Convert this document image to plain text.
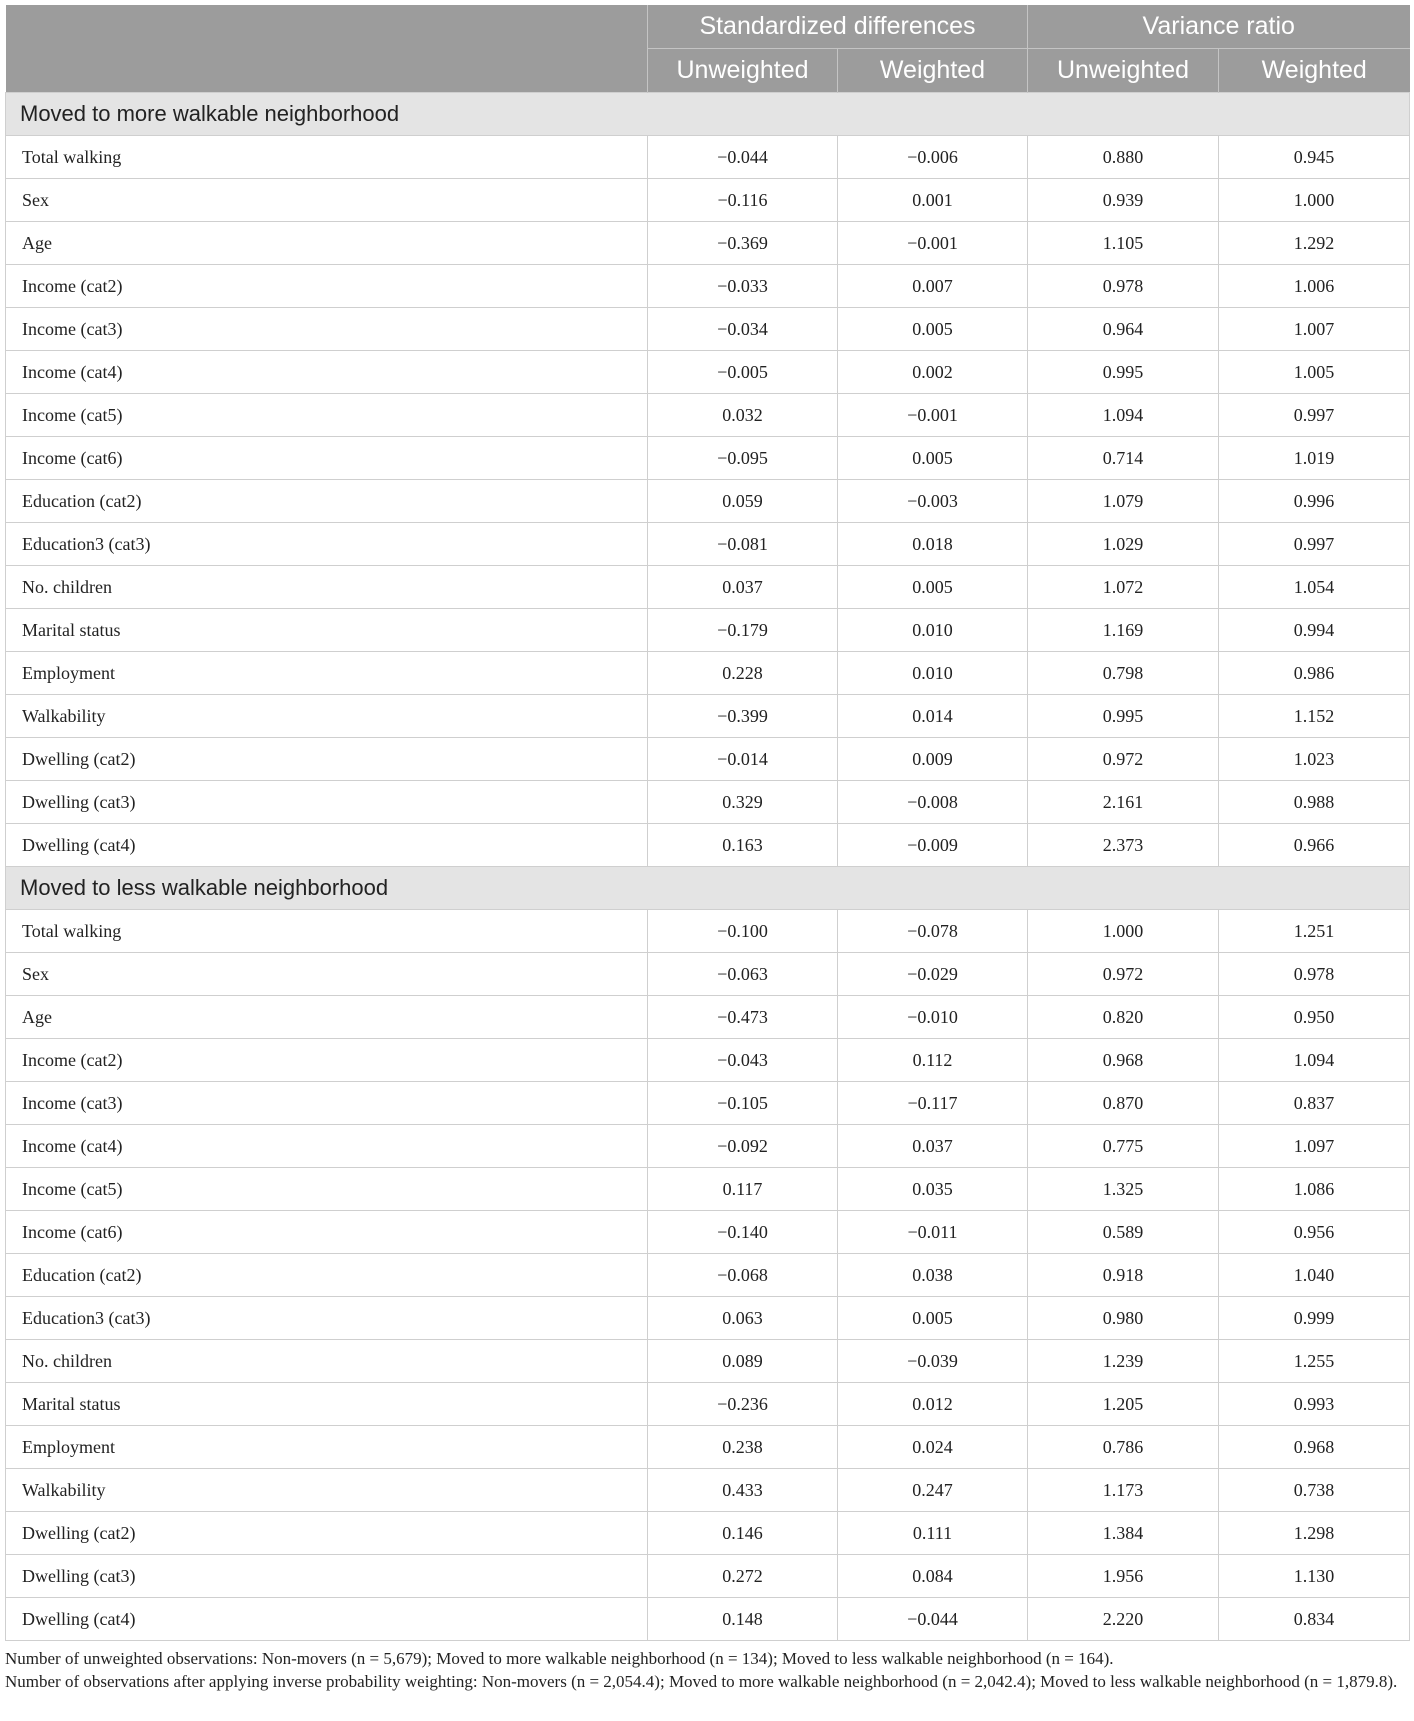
	Standardized differences		Variance ratio	
	Unweighted	Weighted	Unweighted	Weighted
Moved to more walkable neighborhood				
Total walking	−0.044	−0.006	0.880	0.945
Sex	−0.116	0.001	0.939	1.000
Age	−0.369	−0.001	1.105	1.292
Income (cat2)	−0.033	0.007	0.978	1.006
Income (cat3)	−0.034	0.005	0.964	1.007
Income (cat4)	−0.005	0.002	0.995	1.005
Income (cat5)	0.032	−0.001	1.094	0.997
Income (cat6)	−0.095	0.005	0.714	1.019
Education (cat2)	0.059	−0.003	1.079	0.996
Education3 (cat3)	−0.081	0.018	1.029	0.997
No. children	0.037	0.005	1.072	1.054
Marital status	−0.179	0.010	1.169	0.994
Employment	0.228	0.010	0.798	0.986
Walkability	−0.399	0.014	0.995	1.152
Dwelling (cat2)	−0.014	0.009	0.972	1.023
Dwelling (cat3)	0.329	−0.008	2.161	0.988
Dwelling (cat4)	0.163	−0.009	2.373	0.966
Moved to less walkable neighborhood				
Total walking	−0.100	−0.078	1.000	1.251
Sex	−0.063	−0.029	0.972	0.978
Age	−0.473	−0.010	0.820	0.950
Income (cat2)	−0.043	0.112	0.968	1.094
Income (cat3)	−0.105	−0.117	0.870	0.837
Income (cat4)	−0.092	0.037	0.775	1.097
Income (cat5)	0.117	0.035	1.325	1.086
Income (cat6)	−0.140	−0.011	0.589	0.956
Education (cat2)	−0.068	0.038	0.918	1.040
Education3 (cat3)	0.063	0.005	0.980	0.999
No. children	0.089	−0.039	1.239	1.255
Marital status	−0.236	0.012	1.205	0.993
Employment	0.238	0.024	0.786	0.968
Walkability	0.433	0.247	1.173	0.738
Dwelling (cat2)	0.146	0.111	1.384	1.298
Dwelling (cat3)	0.272	0.084	1.956	1.130
Dwelling (cat4)	0.148	−0.044	2.220	0.834

Number of unweighted observations: Non-movers (n = 5,679); Moved to more walkable neighborhood (n = 134); Moved to less walkable neighborhood (n = 164).

Number of observations after applying inverse probability weighting: Non-movers (n = 2,054.4); Moved to more walkable neighborhood (n = 2,042.4); Moved to less walkable neighborhood (n = 1,879.8).
